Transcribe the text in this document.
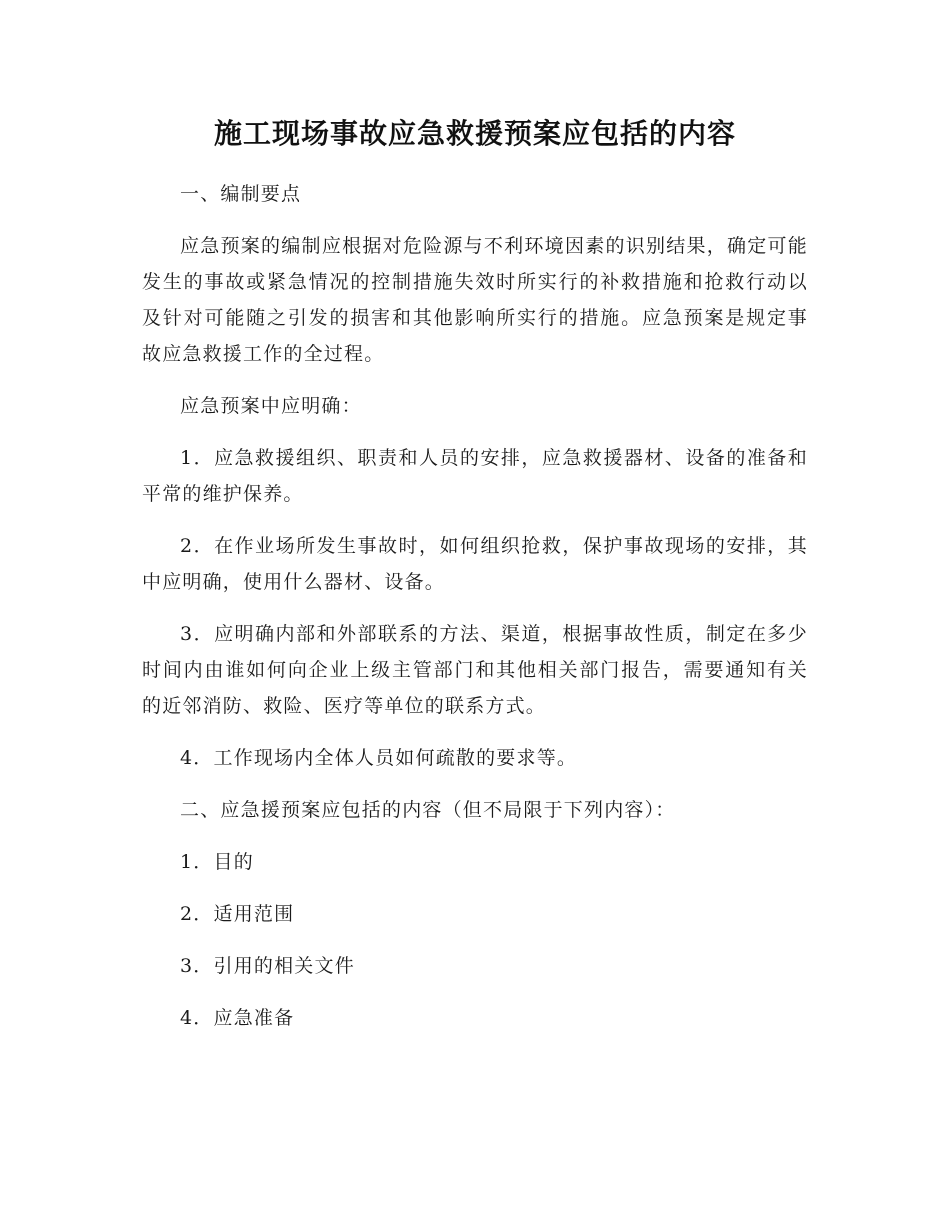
施工现场事故应急救援预案应包括的内容

一、编制要点

应急预案的编制应根据对危险源与不利环境因素的识别结果，确定可能发生的事故或紧急情况的控制措施失效时所实行的补救措施和抢救行动以及针对可能随之引发的损害和其他影响所实行的措施。应急预案是规定事故应急救援工作的全过程。

应急预案中应明确：

1．应急救援组织、职责和人员的安排，应急救援器材、设备的准备和平常的维护保养。

2．在作业场所发生事故时，如何组织抢救，保护事故现场的安排，其中应明确，使用什么器材、设备。

3．应明确内部和外部联系的方法、渠道，根据事故性质，制定在多少时间内由谁如何向企业上级主管部门和其他相关部门报告，需要通知有关的近邻消防、救险、医疗等单位的联系方式。

4．工作现场内全体人员如何疏散的要求等。

二、应急援预案应包括的内容（但不局限于下列内容）：

1．目的

2．适用范围

3．引用的相关文件

4．应急准备
